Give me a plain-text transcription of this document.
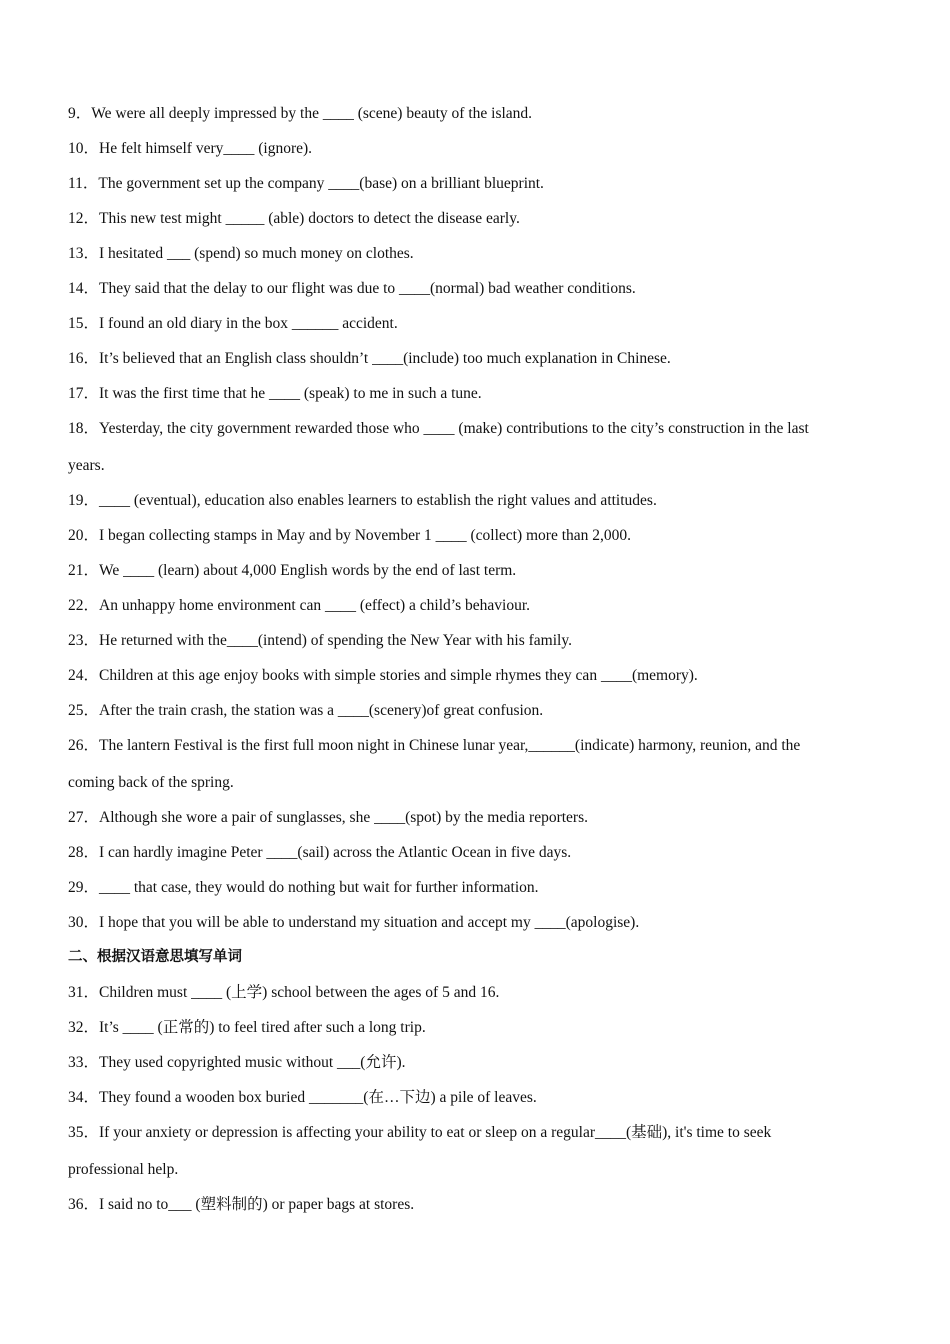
9．We were all deeply impressed by the ____ (scene) beauty of the island.
10．He felt himself very____ (ignore).
11．The government set up the company ____(base) on a brilliant blueprint.
12．This new test might _____ (able) doctors to detect the disease early.
13．I hesitated ___ (spend) so much money on clothes.
14．They said that the delay to our flight was due to ____(normal) bad weather conditions.
15．I found an old diary in the box ______ accident.
16．It’s believed that an English class shouldn’t ____(include) too much explanation in Chinese.
17．It was the first time that he ____ (speak) to me in such a tune.
18．Yesterday, the city government rewarded those who ____ (make) contributions to the city’s construction in the last
years.
19．____ (eventual), education also enables learners to establish the right values and attitudes.
20．I began collecting stamps in May and by November 1 ____ (collect) more than 2,000.
21．We ____ (learn) about 4,000 English words by the end of last term.
22．An unhappy home environment can ____ (effect) a child’s behaviour.
23．He returned with the____(intend) of spending the New Year with his family.
24．Children at this age enjoy books with simple stories and simple rhymes they can ____(memory).
25．After the train crash, the station was a ____(scenery)of great confusion.
26．The lantern Festival is the first full moon night in Chinese lunar year,______(indicate) harmony, reunion, and the
coming back of the spring.
27．Although she wore a pair of sunglasses, she ____(spot) by the media reporters.
28．I can hardly imagine Peter ____(sail) across the Atlantic Ocean in five days.
29．____ that case, they would do nothing but wait for further information.
30．I hope that you will be able to understand my situation and accept my ____(apologise).
二、根据汉语意思填写单词
31．Children must ____ (上学) school between the ages of 5 and 16.
32．It’s ____ (正常的) to feel tired after such a long trip.
33．They used copyrighted music without ___(允许).
34．They found a wooden box buried _______(在…下边) a pile of leaves.
35．If your anxiety or depression is affecting your ability to eat or sleep on a regular____(基础), it's time to seek
professional help.
36．I said no to___ (塑料制的) or paper bags at stores.
